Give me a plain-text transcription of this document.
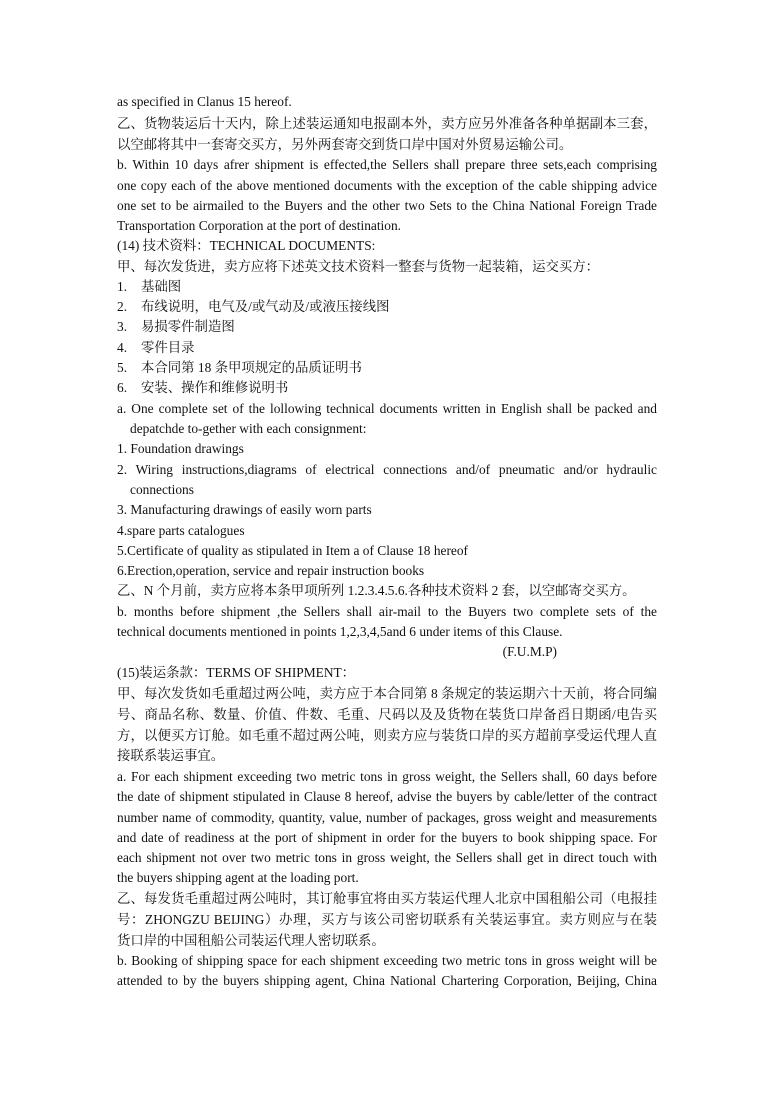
as specified in Clanus 15 hereof.
乙、货物装运后十天内，除上述装运通知电报副本外，卖方应另外准备各种单据副本三套，
以空邮将其中一套寄交买方，另外两套寄交到货口岸中国对外贸易运输公司。
b. Within 10 days afrer shipment is effected,the Sellers shall prepare three sets,each comprising
one copy each of the above mentioned documents with the exception of the cable shipping advice
one set to be airmailed to the Buyers and the other two Sets to the China National Foreign Trade
Transportation Corporation at the port of destination.
(14) 技术资料：TECHNICAL DOCUMENTS:
甲、每次发货进，卖方应将下述英文技术资料一整套与货物一起装箱，运交买方：
1. 基础图
2. 布线说明，电气及/或气动及/或液压接线图
3. 易损零件制造图
4. 零件目录
5. 本合同第 18 条甲项规定的品质证明书
6. 安装、操作和维修说明书
a. One complete set of the lollowing technical documents written in English shall be packed and
depatchde to-gether with each consignment:
1. Foundation drawings
2. Wiring instructions,diagrams of electrical connections and/of pneumatic and/or hydraulic
connections
3. Manufacturing drawings of easily worn parts
4.spare parts catalogues
5.Certificate of quality as stipulated in Item a of Clause 18 hereof
6.Erection,operation, service and repair instruction books
乙、N 个月前，卖方应将本条甲项所列 1.2.3.4.5.6.各种技术资料 2 套，以空邮寄交买方。
b. months before shipment ,the Sellers shall air-mail to the Buyers two complete sets of the
technical documents mentioned in points 1,2,3,4,5and 6 under items of this Clause.
(F.U.M.P)
(15)装运条款：TERMS OF SHIPMENT：
甲、每次发货如毛重超过两公吨，卖方应于本合同第 8 条规定的装运期六十天前，将合同编
号、商品名称、数量、价值、件数、毛重、尺码以及及货物在装货口岸备舀日期函/电告买
方，以便买方订舱。如毛重不超过两公吨，则卖方应与装货口岸的买方超前享受运代理人直
接联系装运事宜。
a. For each shipment exceeding two metric tons in gross weight, the Sellers shall, 60 days before
the date of shipment stipulated in Clause 8 hereof, advise the buyers by cable/letter of the contract
number name of commodity, quantity, value, number of packages, gross weight and measurements
and date of readiness at the port of shipment in order for the buyers to book shipping space. For
each shipment not over two metric tons in gross weight, the Sellers shall get in direct touch with
the buyers shipping agent at the loading port.
乙、每发货毛重超过两公吨时，其订舱事宜将由买方装运代理人北京中国租船公司（电报挂
号：ZHONGZU BEIJING）办理，买方与该公司密切联系有关装运事宜。卖方则应与在装
货口岸的中国租船公司装运代理人密切联系。
b. Booking of shipping space for each shipment exceeding two metric tons in gross weight will be
attended to by the buyers shipping agent, China National Chartering Corporation, Beijing, China
